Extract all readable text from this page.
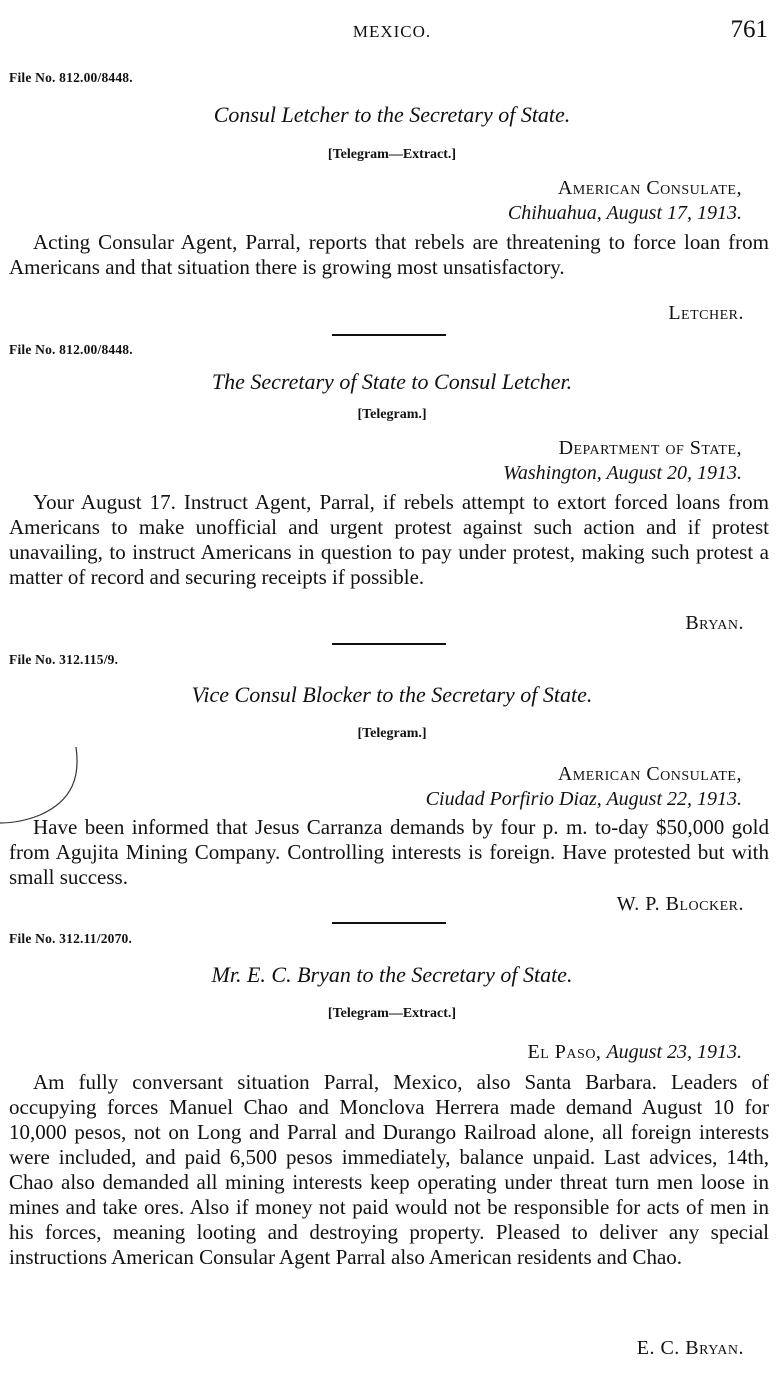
MEXICO.	761
File No. 812.00/8448.
Consul Letcher to the Secretary of State.
[Telegram—Extract.]
American Consulate,
Chihuahua, August 17, 1913.

Acting Consular Agent, Parral, reports that rebels are threatening to force loan from Americans and that situation there is growing most unsatisfactory.

Letcher.
File No. 812.00/8448.
The Secretary of State to Consul Letcher.
[Telegram.]
Department of State,
Washington, August 20, 1913.

Your August 17. Instruct Agent, Parral, if rebels attempt to extort forced loans from Americans to make unofficial and urgent protest against such action and if protest unavailing, to instruct Americans in question to pay under protest, making such protest a matter of record and securing receipts if possible.

Bryan.
File No. 312.115/9.
Vice Consul Blocker to the Secretary of State.
[Telegram.]
American Consulate,
Ciudad Porfirio Diaz, August 22, 1913.

Have been informed that Jesus Carranza demands by four p. m. to-day $50,000 gold from Agujita Mining Company. Controlling interests is foreign. Have protested but with small success.

W. P. Blocker.
File No. 312.11/2070.
Mr. E. C. Bryan to the Secretary of State.
[Telegram—Extract.]
El Paso, August 23, 1913.

Am fully conversant situation Parral, Mexico, also Santa Barbara. Leaders of occupying forces Manuel Chao and Monclova Herrera made demand August 10 for 10,000 pesos, not on Long and Parral and Durango Railroad alone, all foreign interests were included, and paid 6,500 pesos immediately, balance unpaid. Last advices, 14th, Chao also demanded all mining interests keep operating under threat turn men loose in mines and take ores. Also if money not paid would not be responsible for acts of men in his forces, meaning looting and destroying property. Pleased to deliver any special instructions American Consular Agent Parral also American residents and Chao.

E. C. Bryan.
